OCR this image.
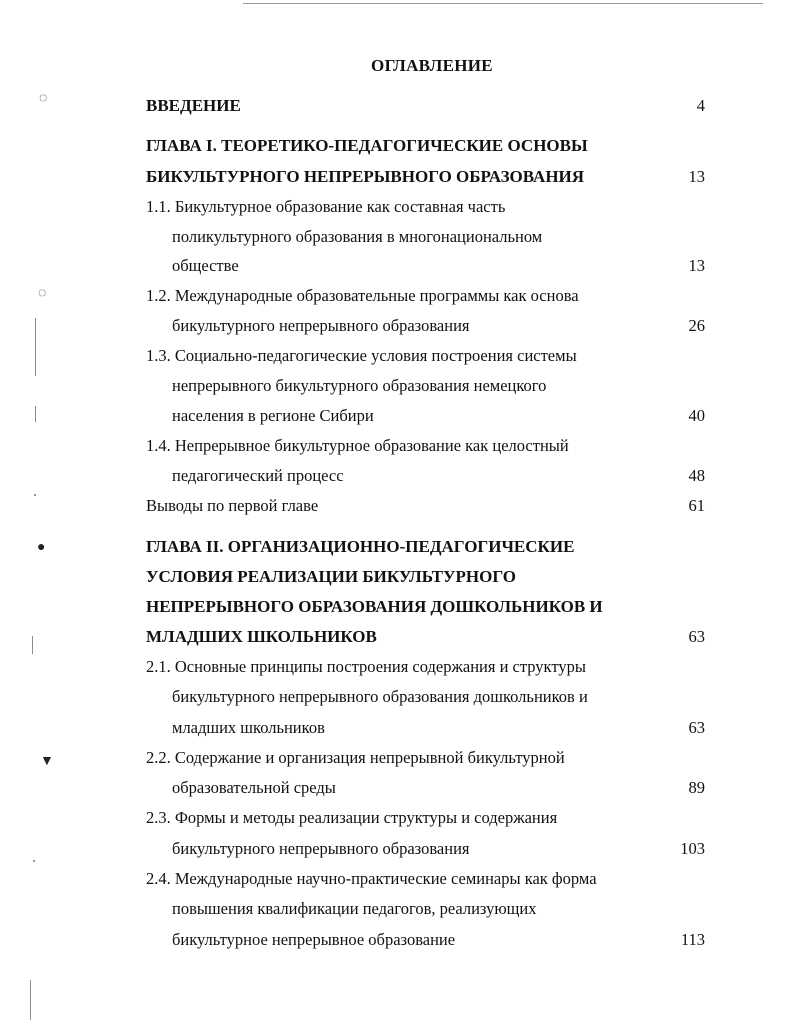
◌
◌
●
▼
ОГЛАВЛЕНИЕ
ВВЕДЕНИЕ	4
ГЛАВА I. ТЕОРЕТИКО-ПЕДАГОГИЧЕСКИЕ ОСНОВЫ
БИКУЛЬТУРНОГО НЕПРЕРЫВНОГО ОБРАЗОВАНИЯ	13
1.1. Бикультурное образование как составная часть
поликультурного образования в многонациональном
обществе	13
1.2. Международные образовательные программы как основа
бикультурного непрерывного образования	26
1.3. Социально-педагогические условия построения системы
непрерывного бикультурного образования немецкого
населения в регионе Сибири	40
1.4. Непрерывное бикультурное образование как целостный
педагогический процесс	48
Выводы по первой главе	61
ГЛАВА II. ОРГАНИЗАЦИОННО-ПЕДАГОГИЧЕСКИЕ
УСЛОВИЯ РЕАЛИЗАЦИИ БИКУЛЬТУРНОГО
НЕПРЕРЫВНОГО ОБРАЗОВАНИЯ ДОШКОЛЬНИКОВ И
МЛАДШИХ ШКОЛЬНИКОВ	63
2.1. Основные принципы построения содержания и структуры
бикультурного непрерывного образования дошкольников и
младших школьников	63
2.2. Содержание и организация непрерывной бикультурной
образовательной среды	89
2.3. Формы и методы реализации структуры и содержания
бикультурного непрерывного образования	103
2.4. Международные научно-практические семинары как форма
повышения квалификации педагогов, реализующих
бикультурное непрерывное образование	113
